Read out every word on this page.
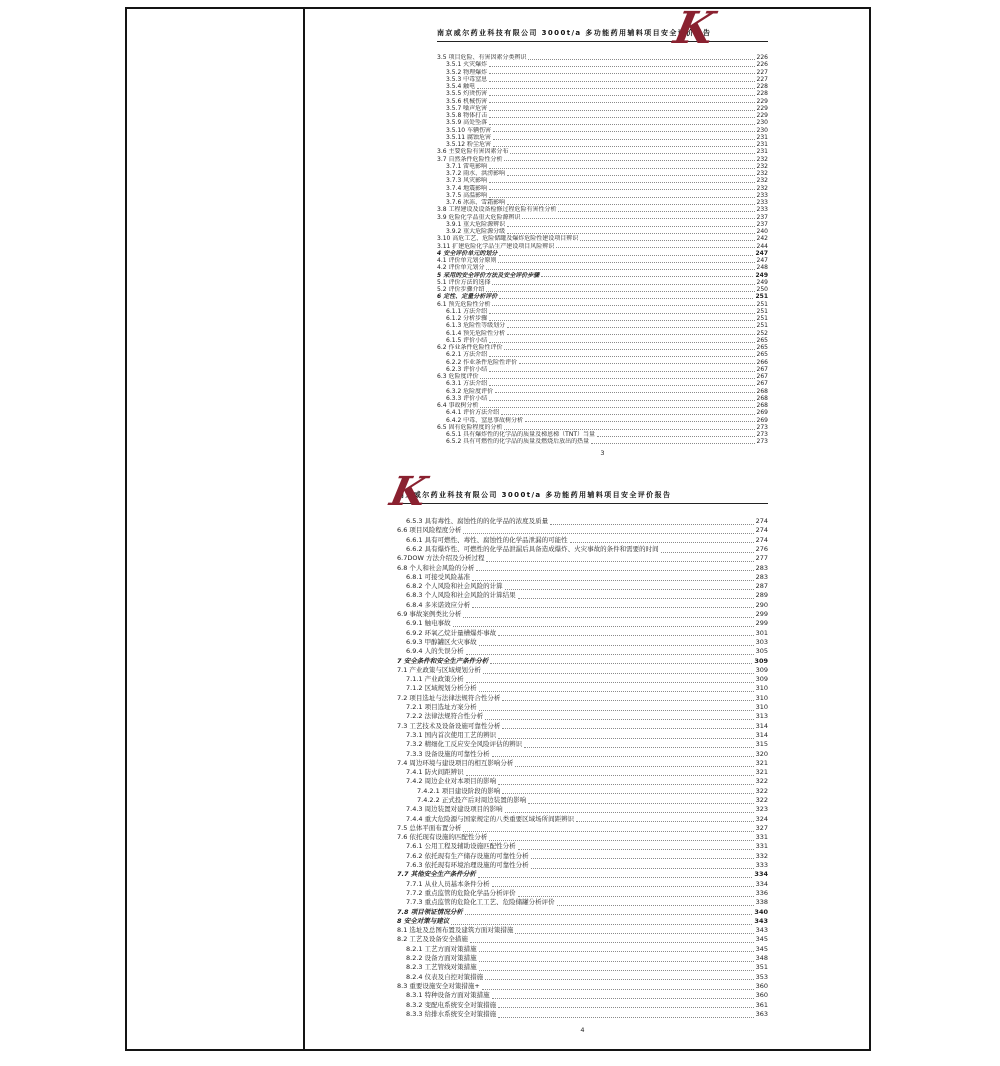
K
南京威尔药业科技有限公司 3000t/a 多功能药用辅料项目安全评价报告
3.5 项目危险、有害因素分类辨识	226
3.5.1 火灾爆炸	226
3.5.2 物理爆炸	227
3.5.3 中毒窒息	227
3.5.4 触电	228
3.5.5 灼烫伤害	228
3.5.6 机械伤害	229
3.5.7 噪声危害	229
3.5.8 物体打击	229
3.5.9 高处坠落	230
3.5.10 车辆伤害	230
3.5.11 腐蚀危害	231
3.5.12 粉尘危害	231
3.6 主要危险有害因素分布	231
3.7 自然条件危险性分析	232
3.7.1 雷电影响	232
3.7.2 雨水、洪涝影响	232
3.7.3 风灾影响	232
3.7.4 地震影响	232
3.7.5 高温影响	233
3.7.6 冰冻、雪霜影响	233
3.8 工程建设及设备检修过程危险有害性分析	233
3.9 危险化学品重大危险源辨识	237
3.9.1 重大危险源辨识	237
3.9.2 重大危险源分级	240
3.10 高危工艺、危险储罐及爆炸危险性建设项目辨识	242
3.11 扩建危险化学品生产建设项目风险辨识	244
4 安全评价单元的划分	247
4.1 评价单元划分原则	247
4.2 评价单元划分	248
5 采用的安全评价方法及安全评价步骤	249
5.1 评价方法的选择	249
5.2 评价步骤介绍	250
6 定性、定量分析评价	251
6.1 预先危险性分析	251
6.1.1 方法介绍	251
6.1.2 分析步骤	251
6.1.3 危险性等级划分	251
6.1.4 预先危险性分析	252
6.1.5 评价小结	265
6.2 作业条件危险性评价	265
6.2.1 方法介绍	265
6.2.2 作业条件危险性评价	266
6.2.3 评价小结	267
6.3 危险度评价	267
6.3.1 方法介绍	267
6.3.2 危险度评价	268
6.3.3 评价小结	268
6.4 事故树分析	268
6.4.1 评价方法介绍	269
6.4.2 中毒、窒息事故树分析	269
6.5 固有危险程度的分析	273
6.5.1 具有爆炸性的化学品的质量及梯恩梯（TNT）当量	273
6.5.2 具有可燃性的化学品的质量及燃烧后放出的热量	273
3
K
南京威尔药业科技有限公司 3000t/a 多功能药用辅料项目安全评价报告
6.5.3 具有毒性、腐蚀性的的化学品的浓度及质量	274
6.6 项目风险程度分析	274
6.6.1 具有可燃性、毒性、腐蚀性的化学品泄漏的可能性	274
6.6.2 具有爆炸性、可燃性的化学品泄漏后具备造成爆炸、火灾事故的条件和需要的时间	276
6.7DOW 方法介绍及分析过程	277
6.8 个人和社会风险的分析	283
6.8.1 可接受风险基准	283
6.8.2 个人风险和社会风险的计算	287
6.8.3 个人风险和社会风险的计算结果	289
6.8.4 多米诺效应分析	290
6.9 事故案例类比分析	299
6.9.1 触电事故	299
6.9.2 环氧乙烷计量槽爆炸事故	301
6.9.3 甲醇罐区火灾事故	303
6.9.4 人的失误分析	305
7 安全条件和安全生产条件分析	309
7.1 产业政策与区域规划分析	309
7.1.1 产业政策分析	309
7.1.2 区域规划分析分析	310
7.2 项目选址与法律法规符合性分析	310
7.2.1 项目选址方案分析	310
7.2.2 法律法规符合性分析	313
7.3 工艺技术及设备设施可靠性分析	314
7.3.1 国内首次使用工艺的辨识	314
7.3.2 精细化工反应安全风险评估的辨识	315
7.3.3 设备设施的可靠性分析	320
7.4 周边环境与建设项目的相互影响分析	321
7.4.1 防火间距辨识	321
7.4.2 周边企业对本项目的影响	322
7.4.2.1 项目建设阶段的影响	322
7.4.2.2 正式投产后对周边装置的影响	322
7.4.3 周边装置对建设项目的影响	323
7.4.4 重大危险源与国家规定的八类重要区域场所间距辨识	324
7.5 总体平面布置分析	327
7.6 依托现有设施的匹配性分析	331
7.6.1 公用工程及辅助设施匹配性分析	331
7.6.2 依托现有生产储存设施的可靠性分析	332
7.6.3 依托现有环境治理设施的可靠性分析	333
7.7 其他安全生产条件分析	334
7.7.1 从业人员基本条件分析	334
7.7.2 重点监管的危险化学品分析评价	336
7.7.3 重点监管的危险化工工艺、危险储罐分析评价	338
7.8 项目领证情况分析	340
8 安全对策与建议	343
8.1 选址及总图布置及建筑方面对策措施	343
8.2 工艺及设备安全措施	345
8.2.1 工艺方面对策措施	345
8.2.2 设备方面对策措施	348
8.2.3 工艺管线对策措施	351
8.2.4 仪表及自控对策措施	353
8.3 重要设施安全对策措施+	360
8.3.1 特种设备方面对策措施	360
8.3.2 变配电系统安全对策措施	361
8.3.3 给排水系统安全对策措施	363
4
